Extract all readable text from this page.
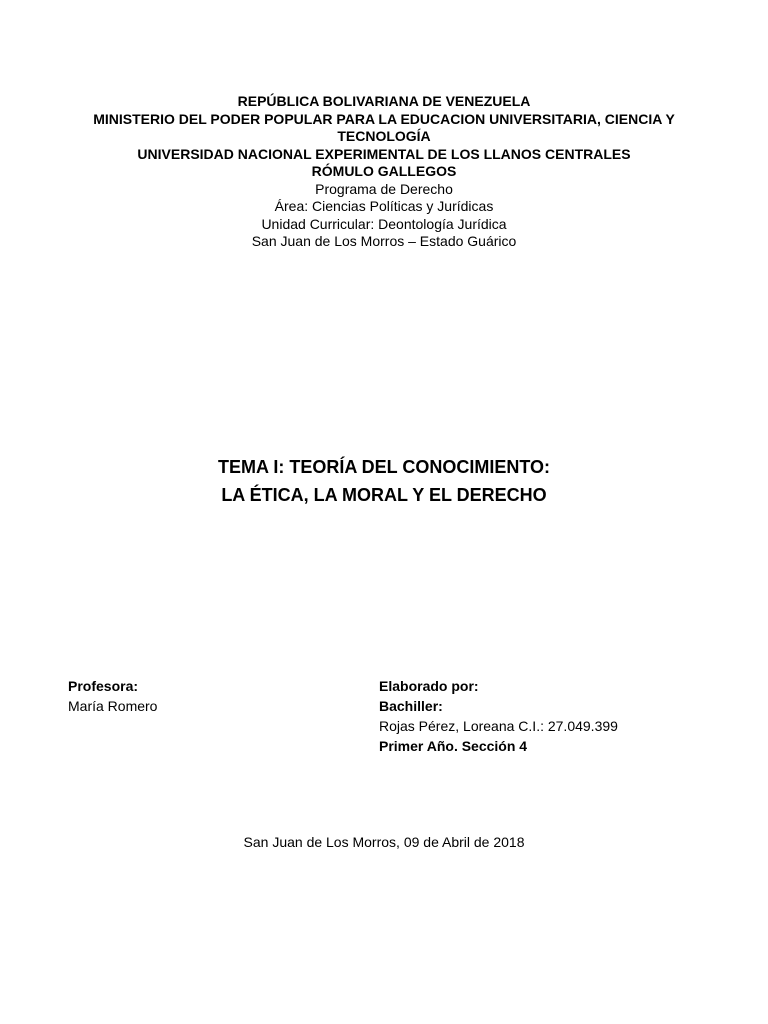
REPÚBLICA BOLIVARIANA DE VENEZUELA
MINISTERIO DEL PODER POPULAR PARA LA EDUCACION UNIVERSITARIA, CIENCIA Y
TECNOLOGÍA
UNIVERSIDAD NACIONAL EXPERIMENTAL DE LOS LLANOS CENTRALES
RÓMULO GALLEGOS
Programa de Derecho
Área: Ciencias Políticas y Jurídicas
Unidad Curricular: Deontología Jurídica
San Juan de Los Morros – Estado Guárico
TEMA I: TEORÍA DEL CONOCIMIENTO:
LA ÉTICA, LA MORAL Y EL DERECHO
Profesora:
María Romero
Elaborado por:
Bachiller:
Rojas Pérez, Loreana C.I.: 27.049.399
Primer Año. Sección 4
San Juan de Los Morros, 09 de Abril de 2018
